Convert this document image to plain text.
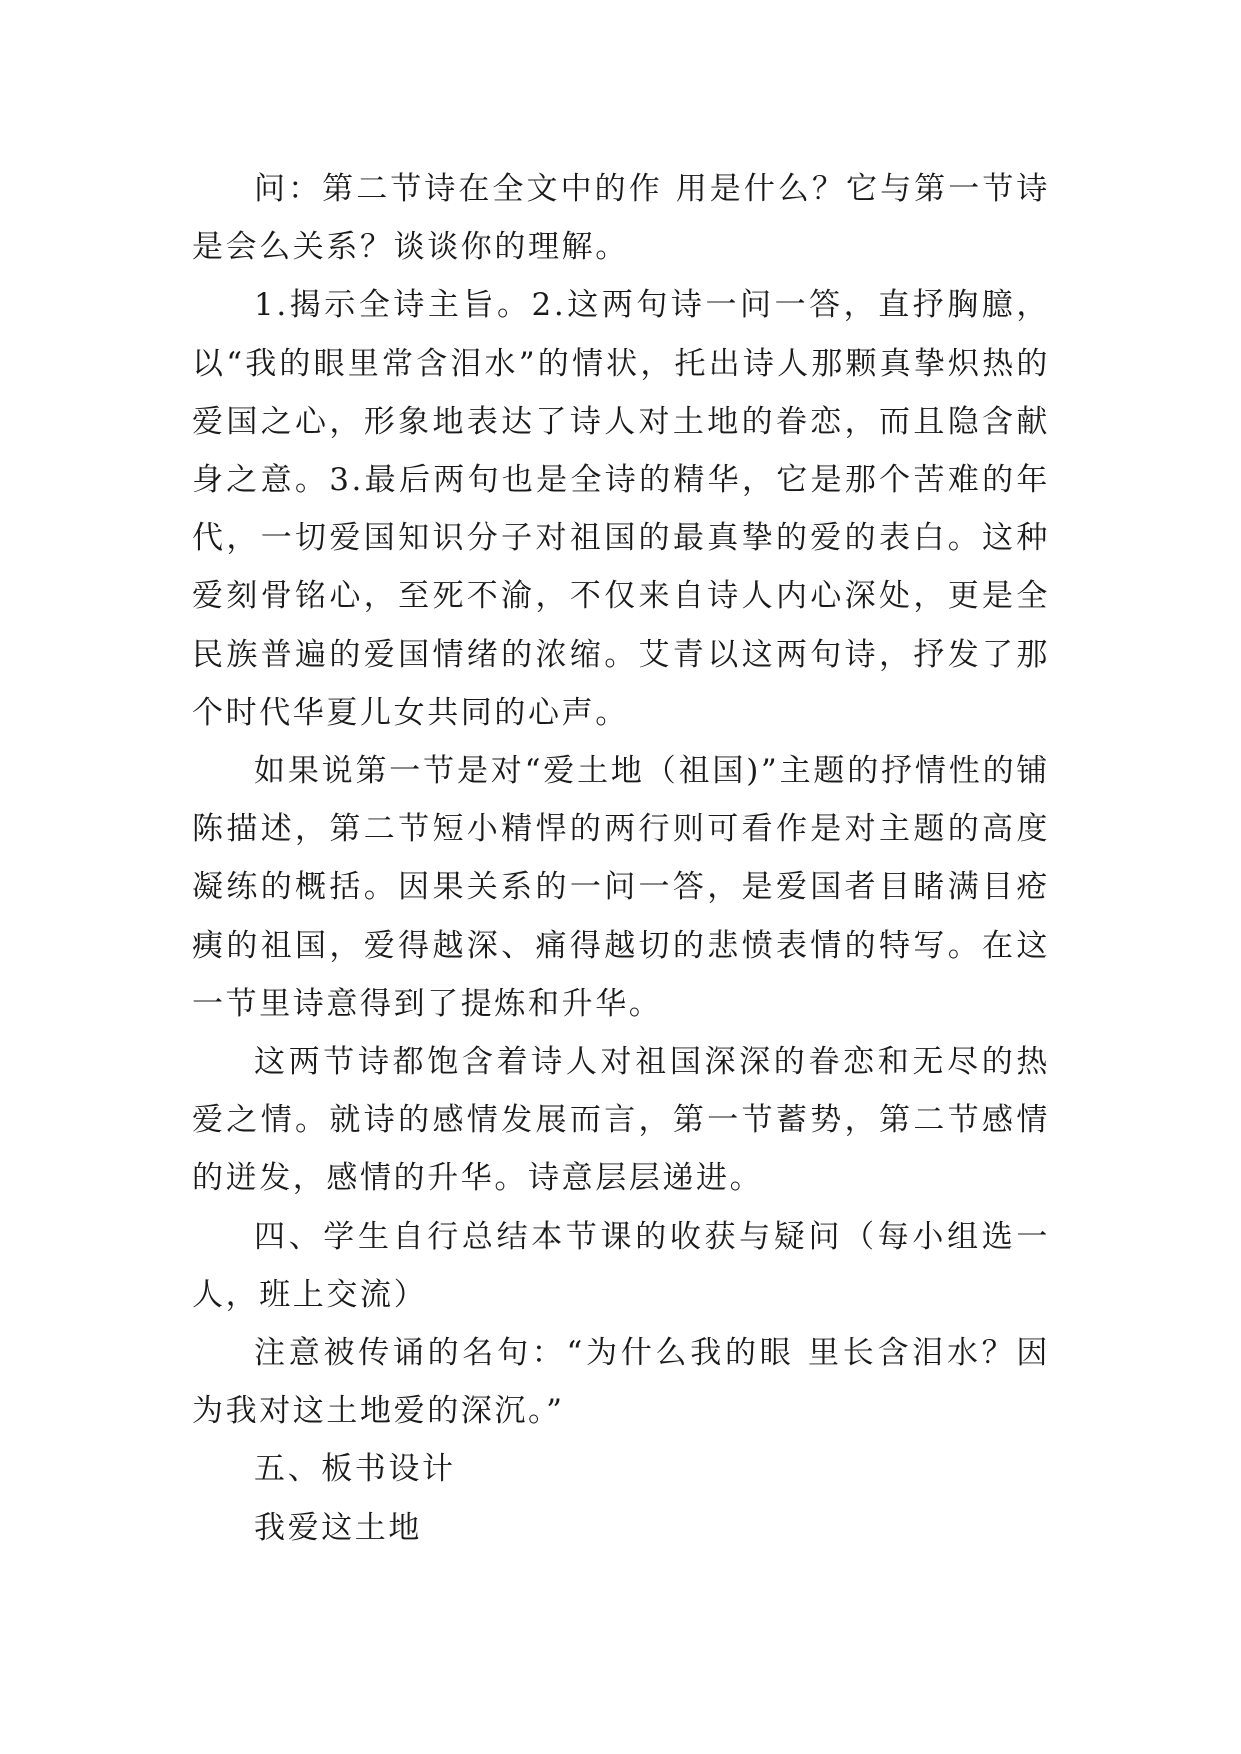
问：第二节诗在全文中的作 用是什么？它与第一节诗是会么关系？谈谈你的理解。

1.揭示全诗主旨。2.这两句诗一问一答，直抒胸臆，以“我的眼里常含泪水”的情状，托出诗人那颗真挚炽热的爱国之心，形象地表达了诗人对土地的眷恋，而且隐含献身之意。3.最后两句也是全诗的精华，它是那个苦难的年代，一切爱国知识分子对祖国的最真挚的爱的表白。这种爱刻骨铭心，至死不渝，不仅来自诗人内心深处，更是全民族普遍的爱国情绪的浓缩。艾青以这两句诗，抒发了那个时代华夏儿女共同的心声。

如果说第一节是对“爱土地（祖国)”主题的抒情性的铺陈描述，第二节短小精悍的两行则可看作是对主题的高度凝练的概括。因果关系的一问一答，是爱国者目睹满目疮痍的祖国，爱得越深、痛得越切的悲愤表情的特写。在这一节里诗意得到了提炼和升华。

这两节诗都饱含着诗人对祖国深深的眷恋和无尽的热爱之情。就诗的感情发展而言，第一节蓄势，第二节感情的迸发，感情的升华。诗意层层递进。

四、学生自行总结本节课的收获与疑问（每小组选一人，班上交流）

注意被传诵的名句：“为什么我的眼 里长含泪水？因为我对这土地爱的深沉。”

五、板书设计

我爱这土地
